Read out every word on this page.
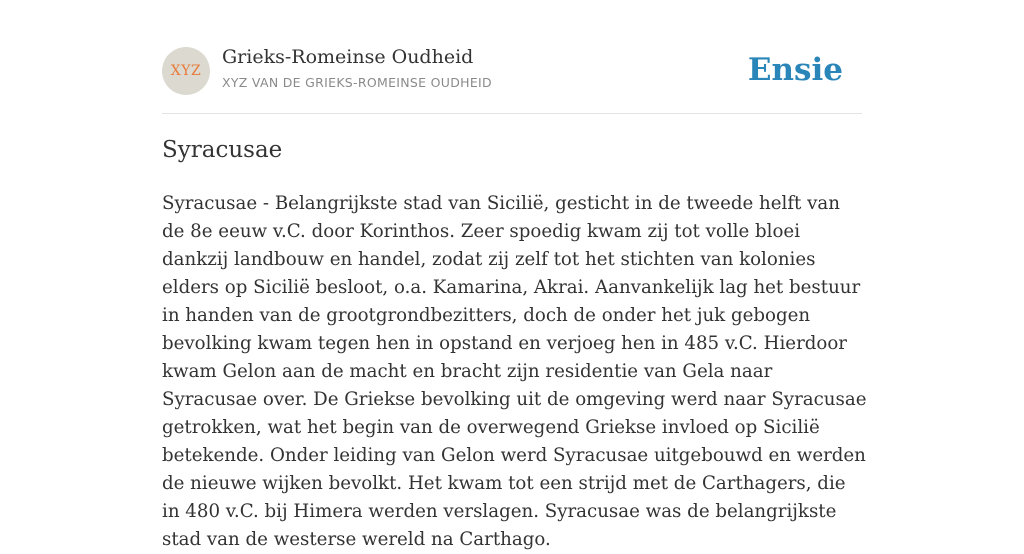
XYZ
Grieks-Romeinse Oudheid
XYZ VAN DE GRIEKS-ROMEINSE OUDHEID	Ensie
Syracusae

Syracusae - Belangrijkste stad van Sicilië, gesticht in de tweede helft van de 8e eeuw v.C. door Korinthos. Zeer spoedig kwam zij tot volle bloei dankzij landbouw en handel, zodat zij zelf tot het stichten van kolonies elders op Sicilië besloot, o.a. Kamarina, Akrai. Aanvankelijk lag het bestuur in handen van de grootgrondbezitters, doch de onder het juk gebogen bevolking kwam tegen hen in opstand en verjoeg hen in 485 v.C. Hierdoor kwam Gelon aan de macht en bracht zijn residentie van Gela naar Syracusae over. De Griekse bevolking uit de omgeving werd naar Syracusae getrokken, wat het begin van de overwegend Griekse invloed op Sicilië betekende. Onder leiding van Gelon werd Syracusae uitgebouwd en werden de nieuwe wijken bevolkt. Het kwam tot een strijd met de Carthagers, die in 480 v.C. bij Himera werden verslagen. Syracusae was de belangrijkste stad van de westerse wereld na Carthago.
